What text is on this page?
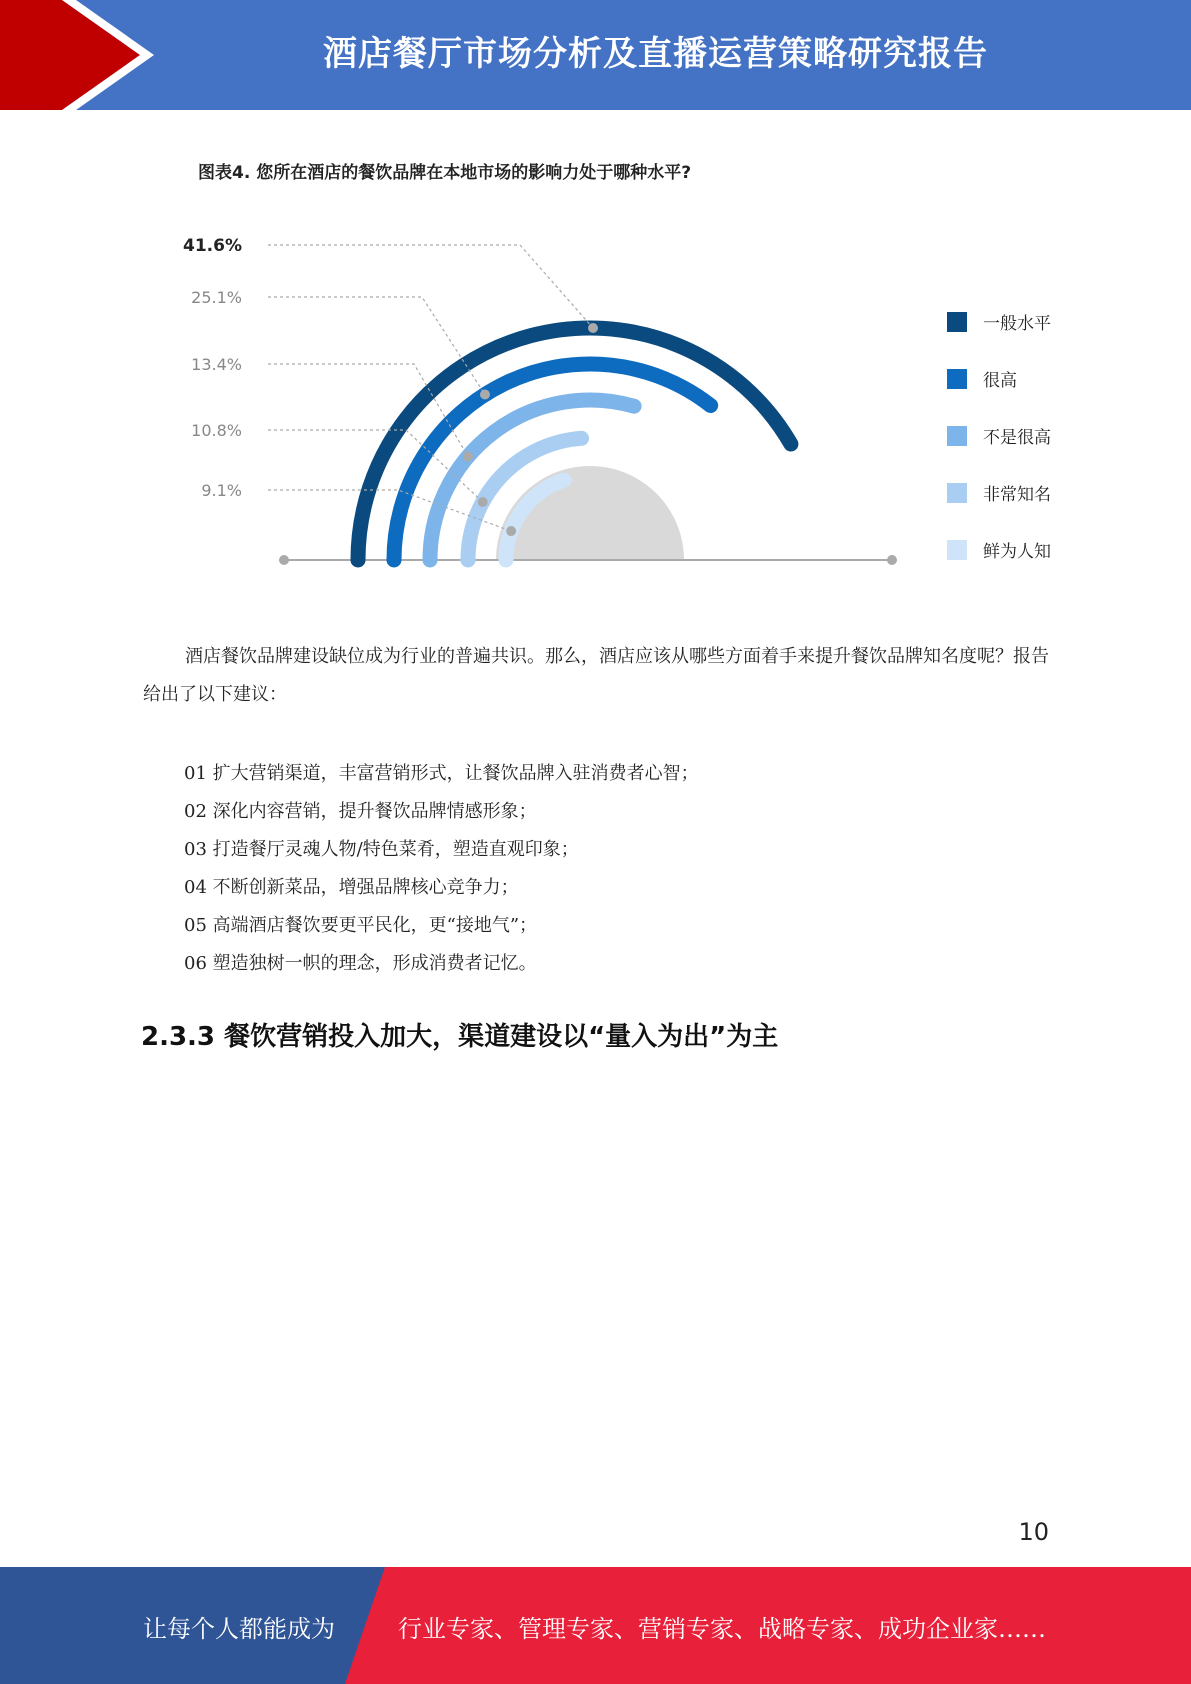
酒店餐厅市场分析及直播运营策略研究报告
图表4. 您所在酒店的餐饮品牌在本地市场的影响力处于哪种水平?
41.6%
一般水平
25.1%
很高
13.4%
不是很高
10.8%
非常知名
9.1%
鲜为人知
酒店餐饮品牌建设缺位成为行业的普遍共识。那么，酒店应该从哪些方面着手来提升餐饮品牌知名度呢？报告给出了以下建议：
01 扩大营销渠道，丰富营销形式，让餐饮品牌入驻消费者心智；
02 深化内容营销，提升餐饮品牌情感形象；
03 打造餐厅灵魂人物/特色菜肴，塑造直观印象；
04 不断创新菜品，增强品牌核心竞争力；
05 高端酒店餐饮要更平民化，更“接地气”；
06 塑造独树一帜的理念，形成消费者记忆。
2.3.3 餐饮营销投入加大，渠道建设以“量入为出”为主
10
让每个人都能成为	行业专家、管理专家、营销专家、战略专家、成功企业家……
